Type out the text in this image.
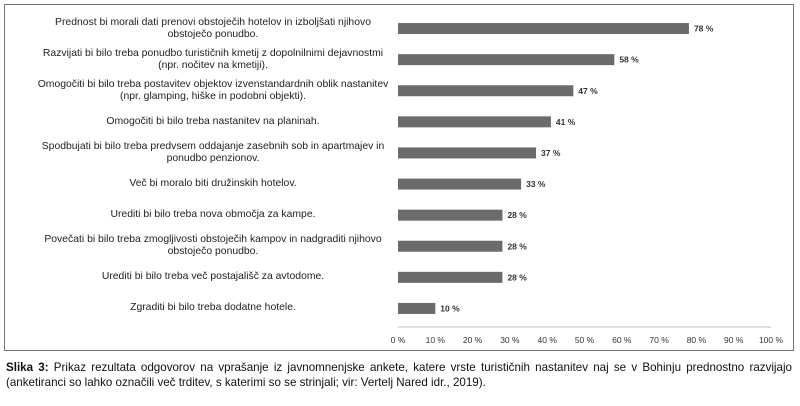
0 % 10 % 20 % 30 % 40 % 50 % 60 % 70 % 80 % 90 % 100 %
78 %
58 %
47 %
41 %
37 %
33 %
28 %
28 %
28 %
10 %
Prednost bi morali dati prenovi obstoječih hotelov in izboljšati njihovo obstoječo ponudbo.
Razvijati bi bilo treba ponudbo turističnih kmetij z dopolnilnimi dejavnostmi (npr. nočitev na kmetiji).
Omogočiti bi bilo treba postavitev objektov izvenstandardnih oblik nastanitev (npr. glamping, hiške in podobni objekti).
Omogočiti bi bilo treba nastanitev na planinah.
Spodbujati bi bilo treba predvsem oddajanje zasebnih sob in apartmajev in ponudbo penzionov.
Več bi moralo biti družinskih hotelov.
Urediti bi bilo treba nova območja za kampe.
Povečati bi bilo treba zmogljivosti obstoječih kampov in nadgraditi njihovo obstoječo ponudbo.
Urediti bi bilo treba več postajališč za avtodome.
Zgraditi bi bilo treba dodatne hotele.
Slika 3: Prikaz rezultata odgovorov na vprašanje iz javnomnenjske ankete, katere vrste turističnih nastanitev naj se v Bohinju prednostno razvijajo (anketiranci so lahko označili več trditev, s katerimi so se strinjali; vir: Vertelj Nared idr., 2019).
